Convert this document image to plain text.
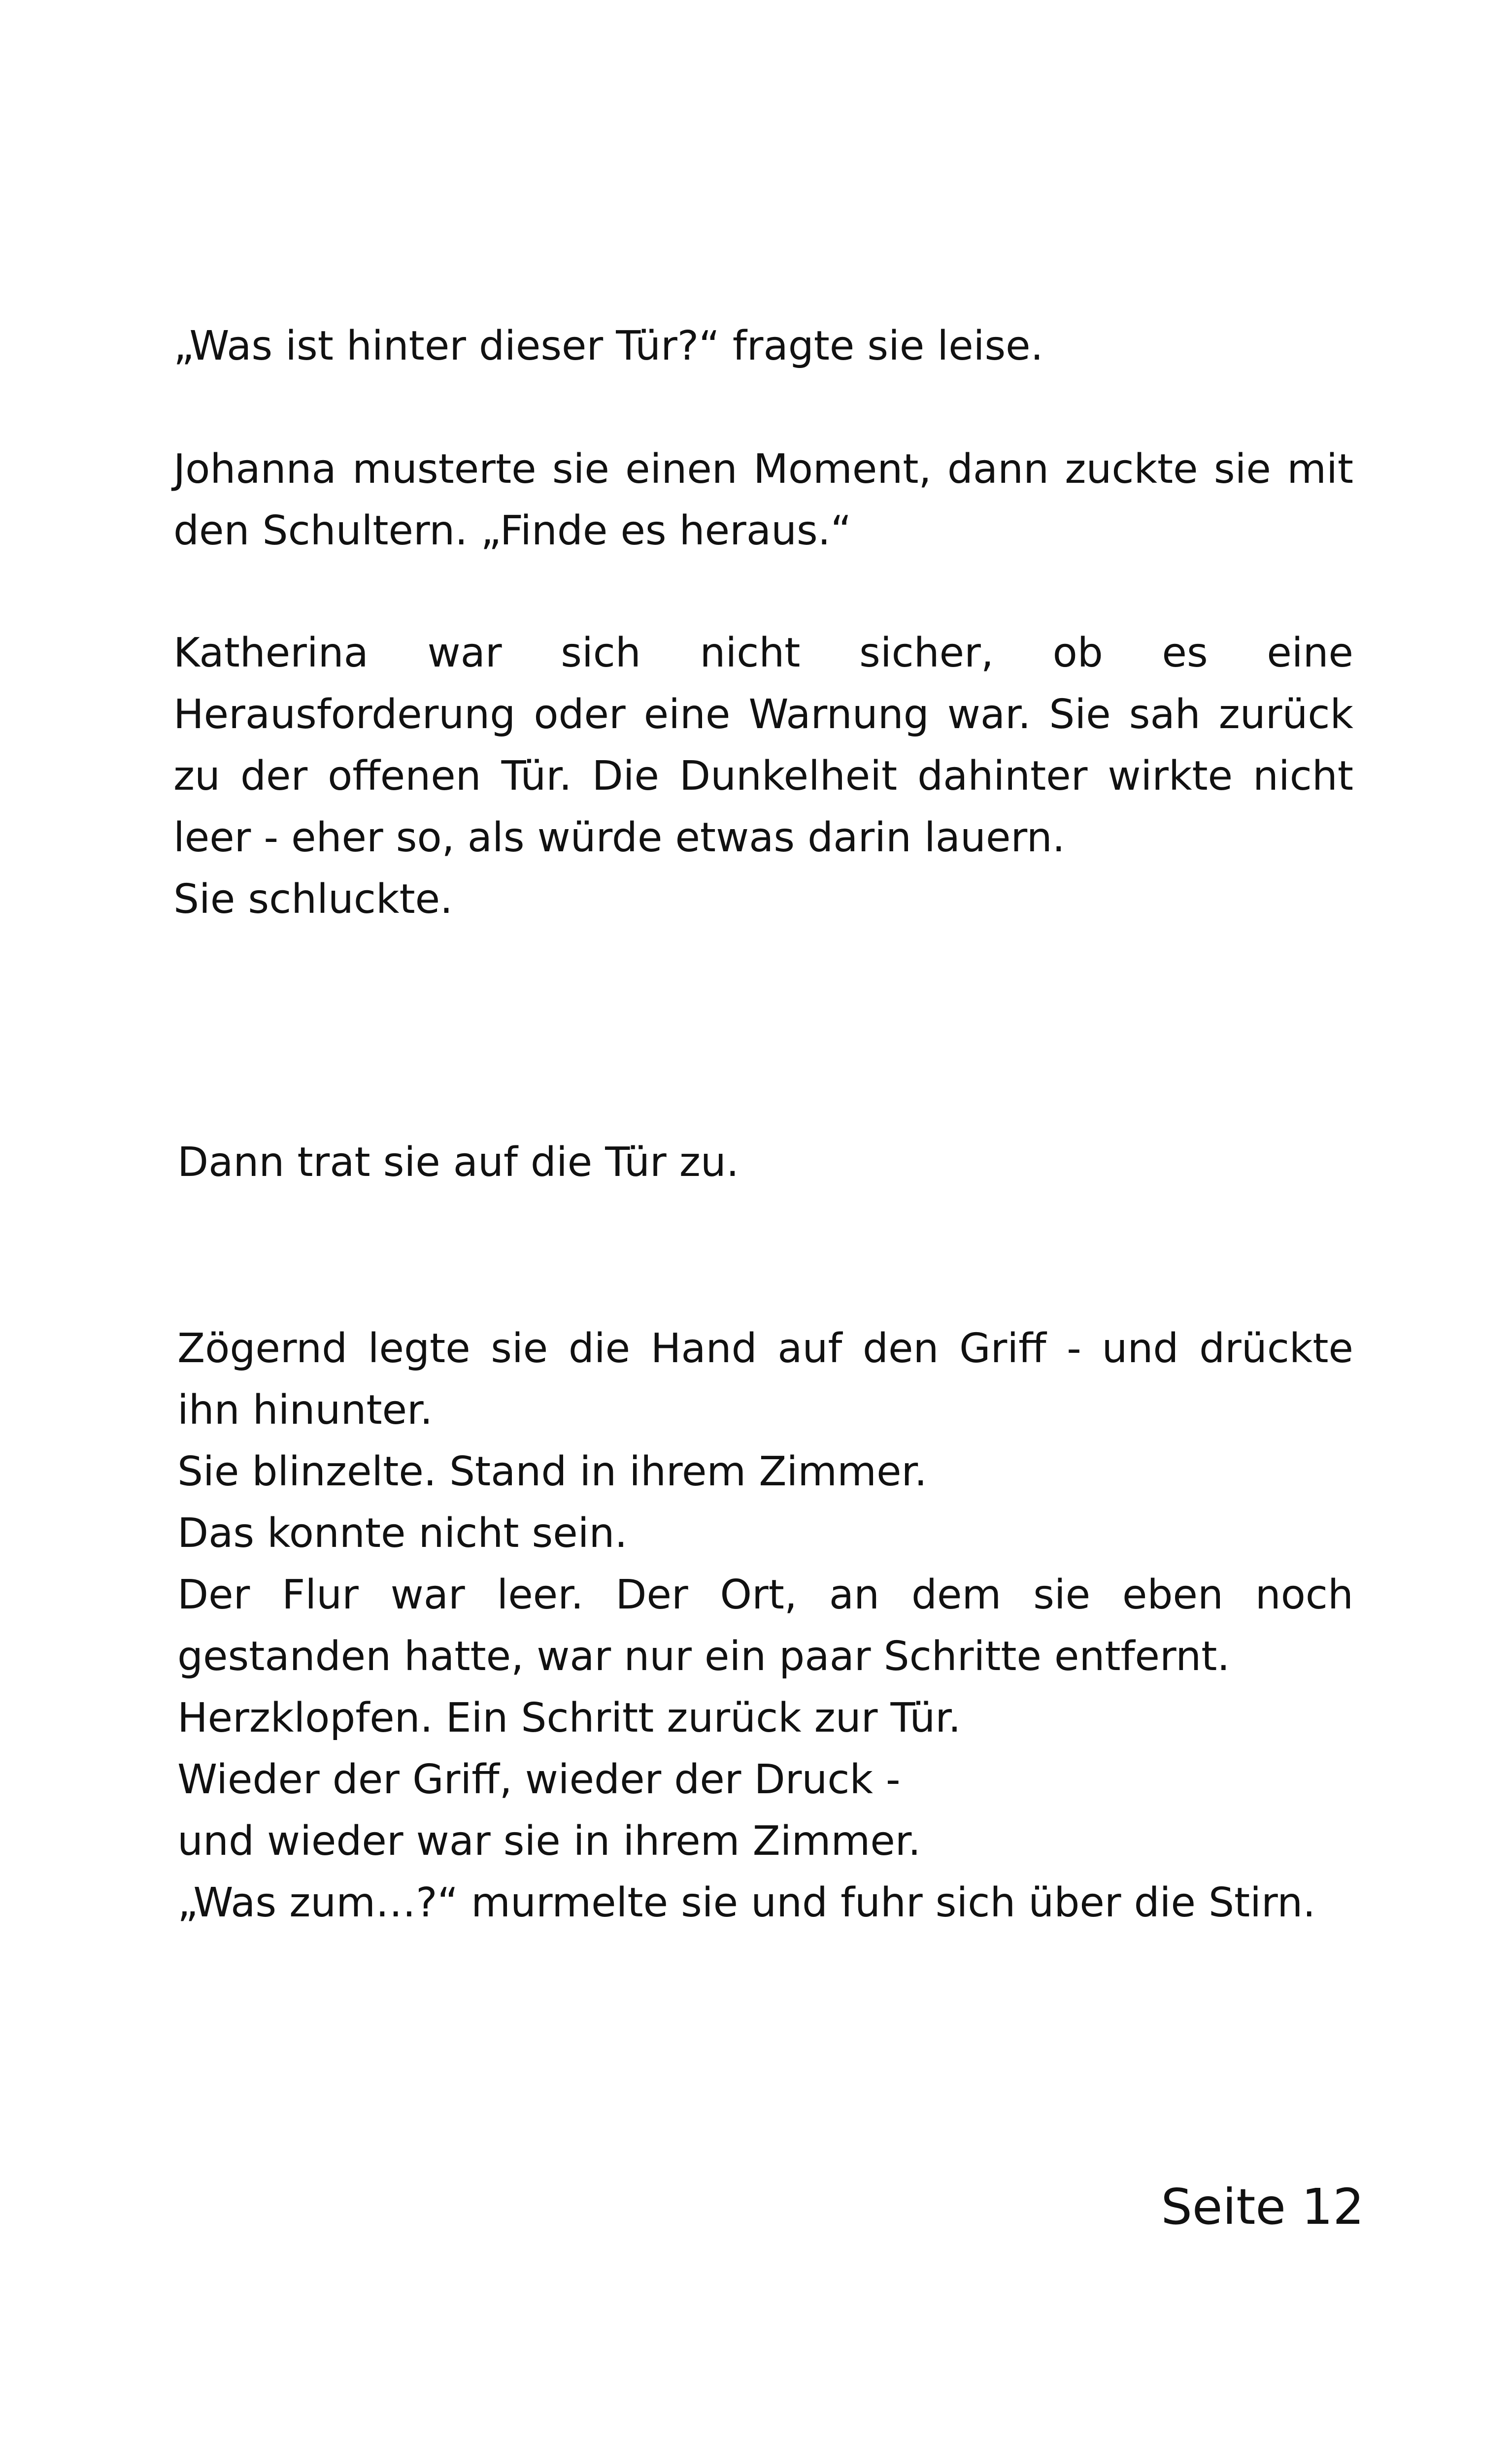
„Was ist hinter dieser Tür?“ fragte sie leise.
Johanna musterte sie einen Moment, dann zuckte sie mit
den Schultern. „Finde es heraus.“
Katherina war sich nicht sicher, ob es eine
Herausforderung oder eine Warnung war. Sie sah zurück
zu der offenen Tür. Die Dunkelheit dahinter wirkte nicht
leer - eher so, als würde etwas darin lauern.
Sie schluckte.
Dann trat sie auf die Tür zu.
Zögernd legte sie die Hand auf den Griff - und drückte
ihn hinunter.
Sie blinzelte. Stand in ihrem Zimmer.
Das konnte nicht sein.
Der Flur war leer. Der Ort, an dem sie eben noch
gestanden hatte, war nur ein paar Schritte entfernt.
Herzklopfen. Ein Schritt zurück zur Tür.
Wieder der Griff, wieder der Druck -
und wieder war sie in ihrem Zimmer.
„Was zum…?“ murmelte sie und fuhr sich über die Stirn.
Seite 12
